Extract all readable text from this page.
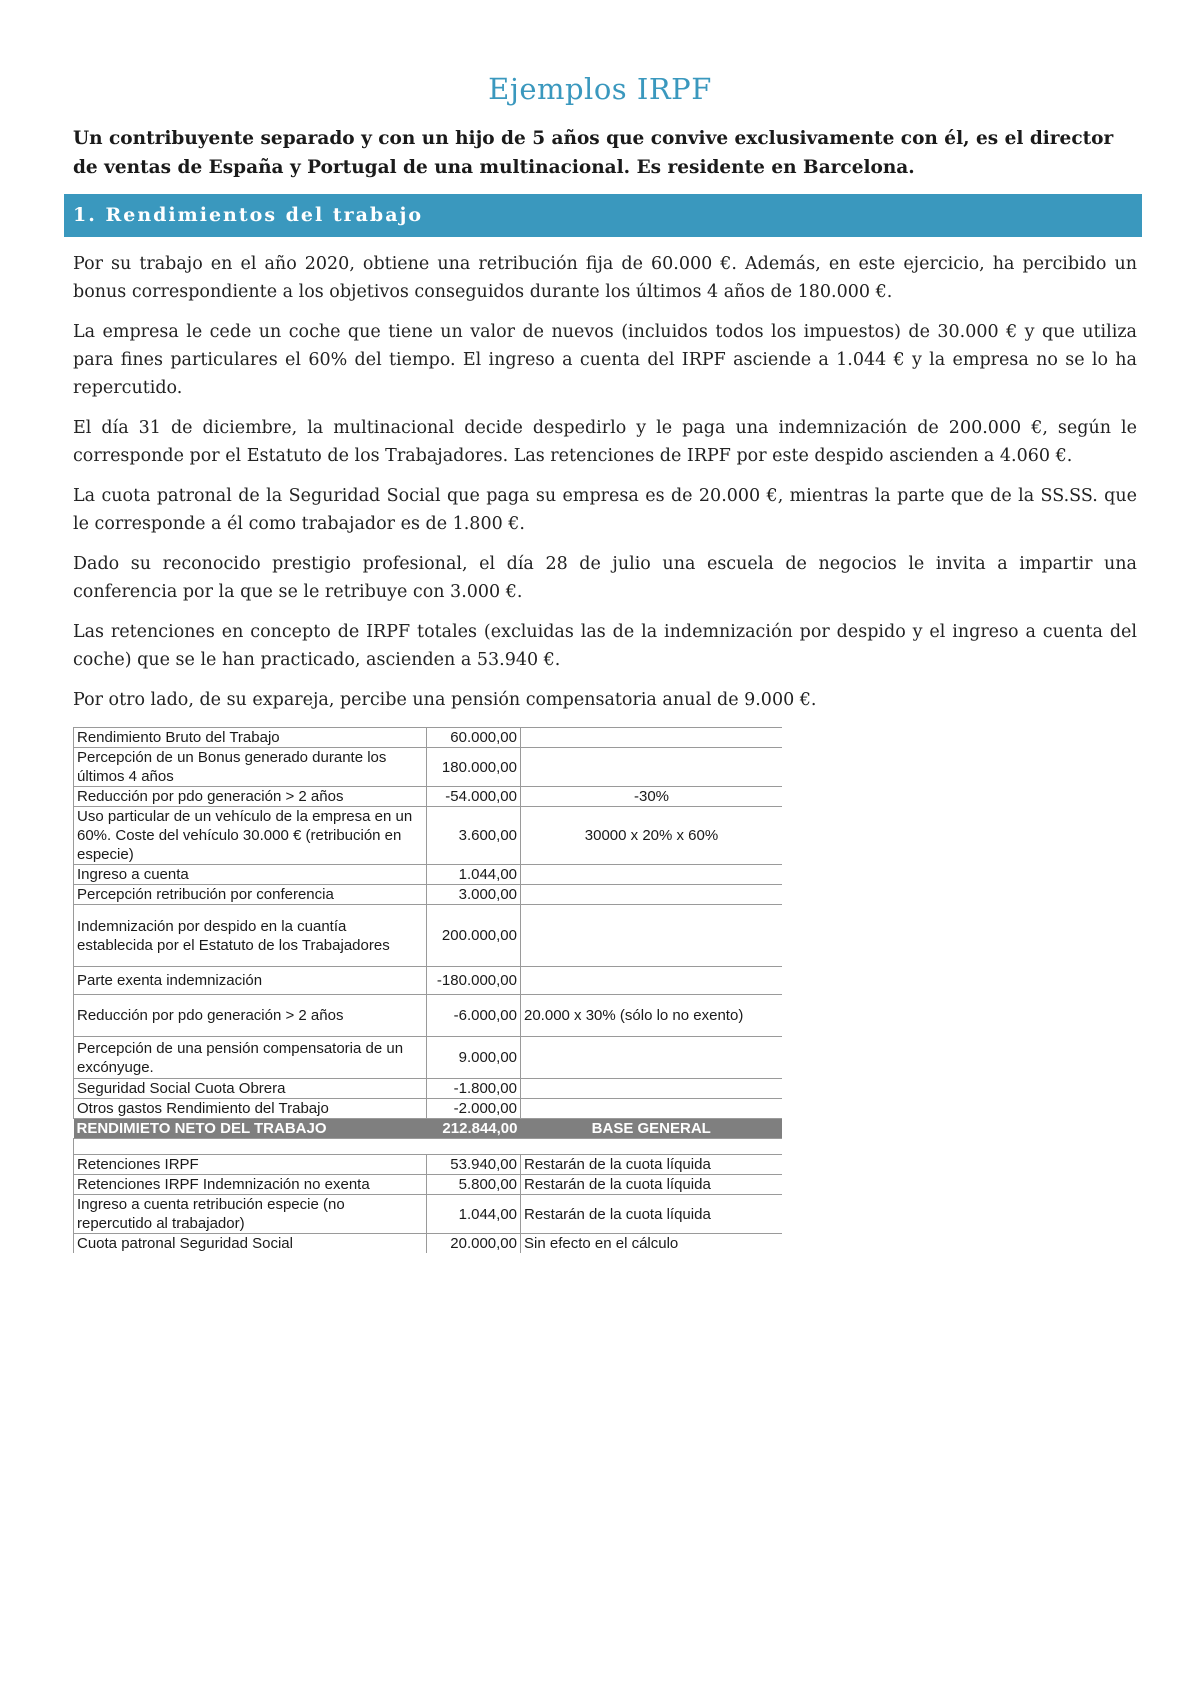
Ejemplos IRPF

Un contribuyente separado y con un hijo de 5 años que convive exclusivamente con él, es el director de ventas de España y Portugal de una multinacional. Es residente en Barcelona.

1. Rendimientos del trabajo

Por su trabajo en el año 2020, obtiene una retribución fija de 60.000 €. Además, en este ejercicio, ha percibido un bonus correspondiente a los objetivos conseguidos durante los últimos 4 años de 180.000 €.

La empresa le cede un coche que tiene un valor de nuevos (incluidos todos los impuestos) de 30.000 € y que utiliza para fines particulares el 60% del tiempo. El ingreso a cuenta del IRPF asciende a 1.044 € y la empresa no se lo ha repercutido.

El día 31 de diciembre, la multinacional decide despedirlo y le paga una indemnización de 200.000 €, según le corresponde por el Estatuto de los Trabajadores. Las retenciones de IRPF por este despido ascienden a 4.060 €.

La cuota patronal de la Seguridad Social que paga su empresa es de 20.000 €, mientras la parte que de la SS.SS. que le corresponde a él como trabajador es de 1.800 €.

Dado su reconocido prestigio profesional, el día 28 de julio una escuela de negocios le invita a impartir una conferencia por la que se le retribuye con 3.000 €.

Las retenciones en concepto de IRPF totales (excluidas las de la indemnización por despido y el ingreso a cuenta del coche) que se le han practicado, ascienden a 53.940 €.

Por otro lado, de su expareja, percibe una pensión compensatoria anual de 9.000 €.

Rendimiento Bruto del Trabajo	60.000,00	
Percepción de un Bonus generado durante los últimos 4 años	180.000,00	
Reducción por pdo generación > 2 años	-54.000,00	-30%
Uso particular de un vehículo de la empresa en un 60%. Coste del vehículo 30.000 € (retribución en especie)	3.600,00	30000 x 20% x 60%
Ingreso a cuenta	1.044,00	
Percepción retribución por conferencia	3.000,00	
Indemnización por despido en la cuantía establecida por el Estatuto de los Trabajadores	200.000,00	
Parte exenta indemnización	-180.000,00	
Reducción por pdo generación > 2 años	-6.000,00	20.000 x 30% (sólo lo no exento)
Percepción de una pensión compensatoria de un excónyuge.	9.000,00	
Seguridad Social Cuota Obrera	-1.800,00	
Otros gastos Rendimiento del Trabajo	-2.000,00	
RENDIMIETO NETO DEL TRABAJO	212.844,00	BASE GENERAL

Retenciones IRPF	53.940,00	Restarán de la cuota líquida
Retenciones IRPF Indemnización no exenta	5.800,00	Restarán de la cuota líquida
Ingreso a cuenta retribución especie (no repercutido al trabajador)	1.044,00	Restarán de la cuota líquida
Cuota patronal Seguridad Social	20.000,00	Sin efecto en el cálculo
